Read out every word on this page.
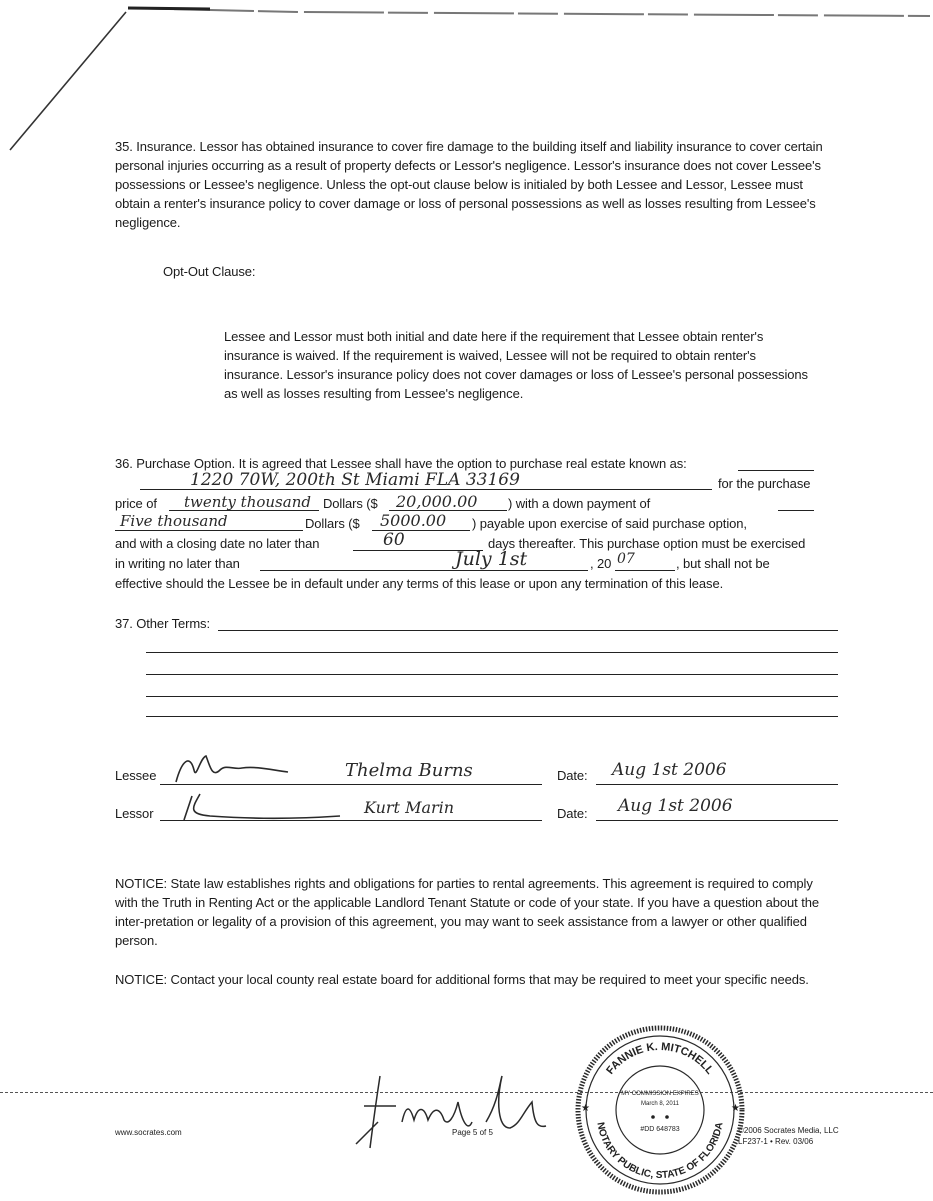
35. Insurance. Lessor has obtained insurance to cover fire damage to the building itself and liability insurance to cover certain personal injuries occurring as a result of property defects or Lessor's negligence. Lessor's insurance does not cover Lessee's possessions or Lessee's negligence. Unless the opt-out clause below is initialed by both Lessee and Lessor, Lessee must obtain a renter's insurance policy to cover damage or loss of personal possessions as well as losses resulting from Lessee's negligence.
Opt-Out Clause:
Lessee and Lessor must both initial and date here if the requirement that Lessee obtain renter's insurance is waived. If the requirement is waived, Lessee will not be required to obtain renter's insurance. Lessor's insurance policy does not cover damages or loss of Lessee's personal possessions as well as losses resulting from Lessee's negligence.
36. Purchase Option. It is agreed that Lessee shall have the option to purchase real estate known as:
1220 70W, 200th St Miami FLA 33169	for the purchase
price of twenty thousand Dollars ($ 20,000.00 ) with a down payment of
Five thousand	Dollars ($ 5000.00 ) payable upon exercise of said purchase option,
and with a closing date no later than	60	days thereafter. This purchase option must be exercised
in writing no later than	July 1st	, 20 07	, but shall not be
effective should the Lessee be in default under any terms of this lease or upon any termination of this lease.
37. Other Terms:
Lessee	Thelma Burns	Date: Aug 1st 2006
Lessor	Kurt Marin	Date: Aug 1st 2006
NOTICE: State law establishes rights and obligations for parties to rental agreements. This agreement is required to comply with the Truth in Renting Act or the applicable Landlord Tenant Statute or code of your state. If you have a question about the inter-pretation or legality of a provision of this agreement, you may want to seek assistance from a lawyer or other qualified person.
NOTICE: Contact your local county real estate board for additional forms that may be required to meet your specific needs.
www.socrates.com	Page 5 of 5	©2006 Socrates Media, LLC
LF237-1 • Rev. 03/06
FANNIE K. MITCHELL
NOTARY PUBLIC, STATE OF FLORIDA
MY COMMISSION EXPIRES
March 8, 2011
#DD 648783
★
★
